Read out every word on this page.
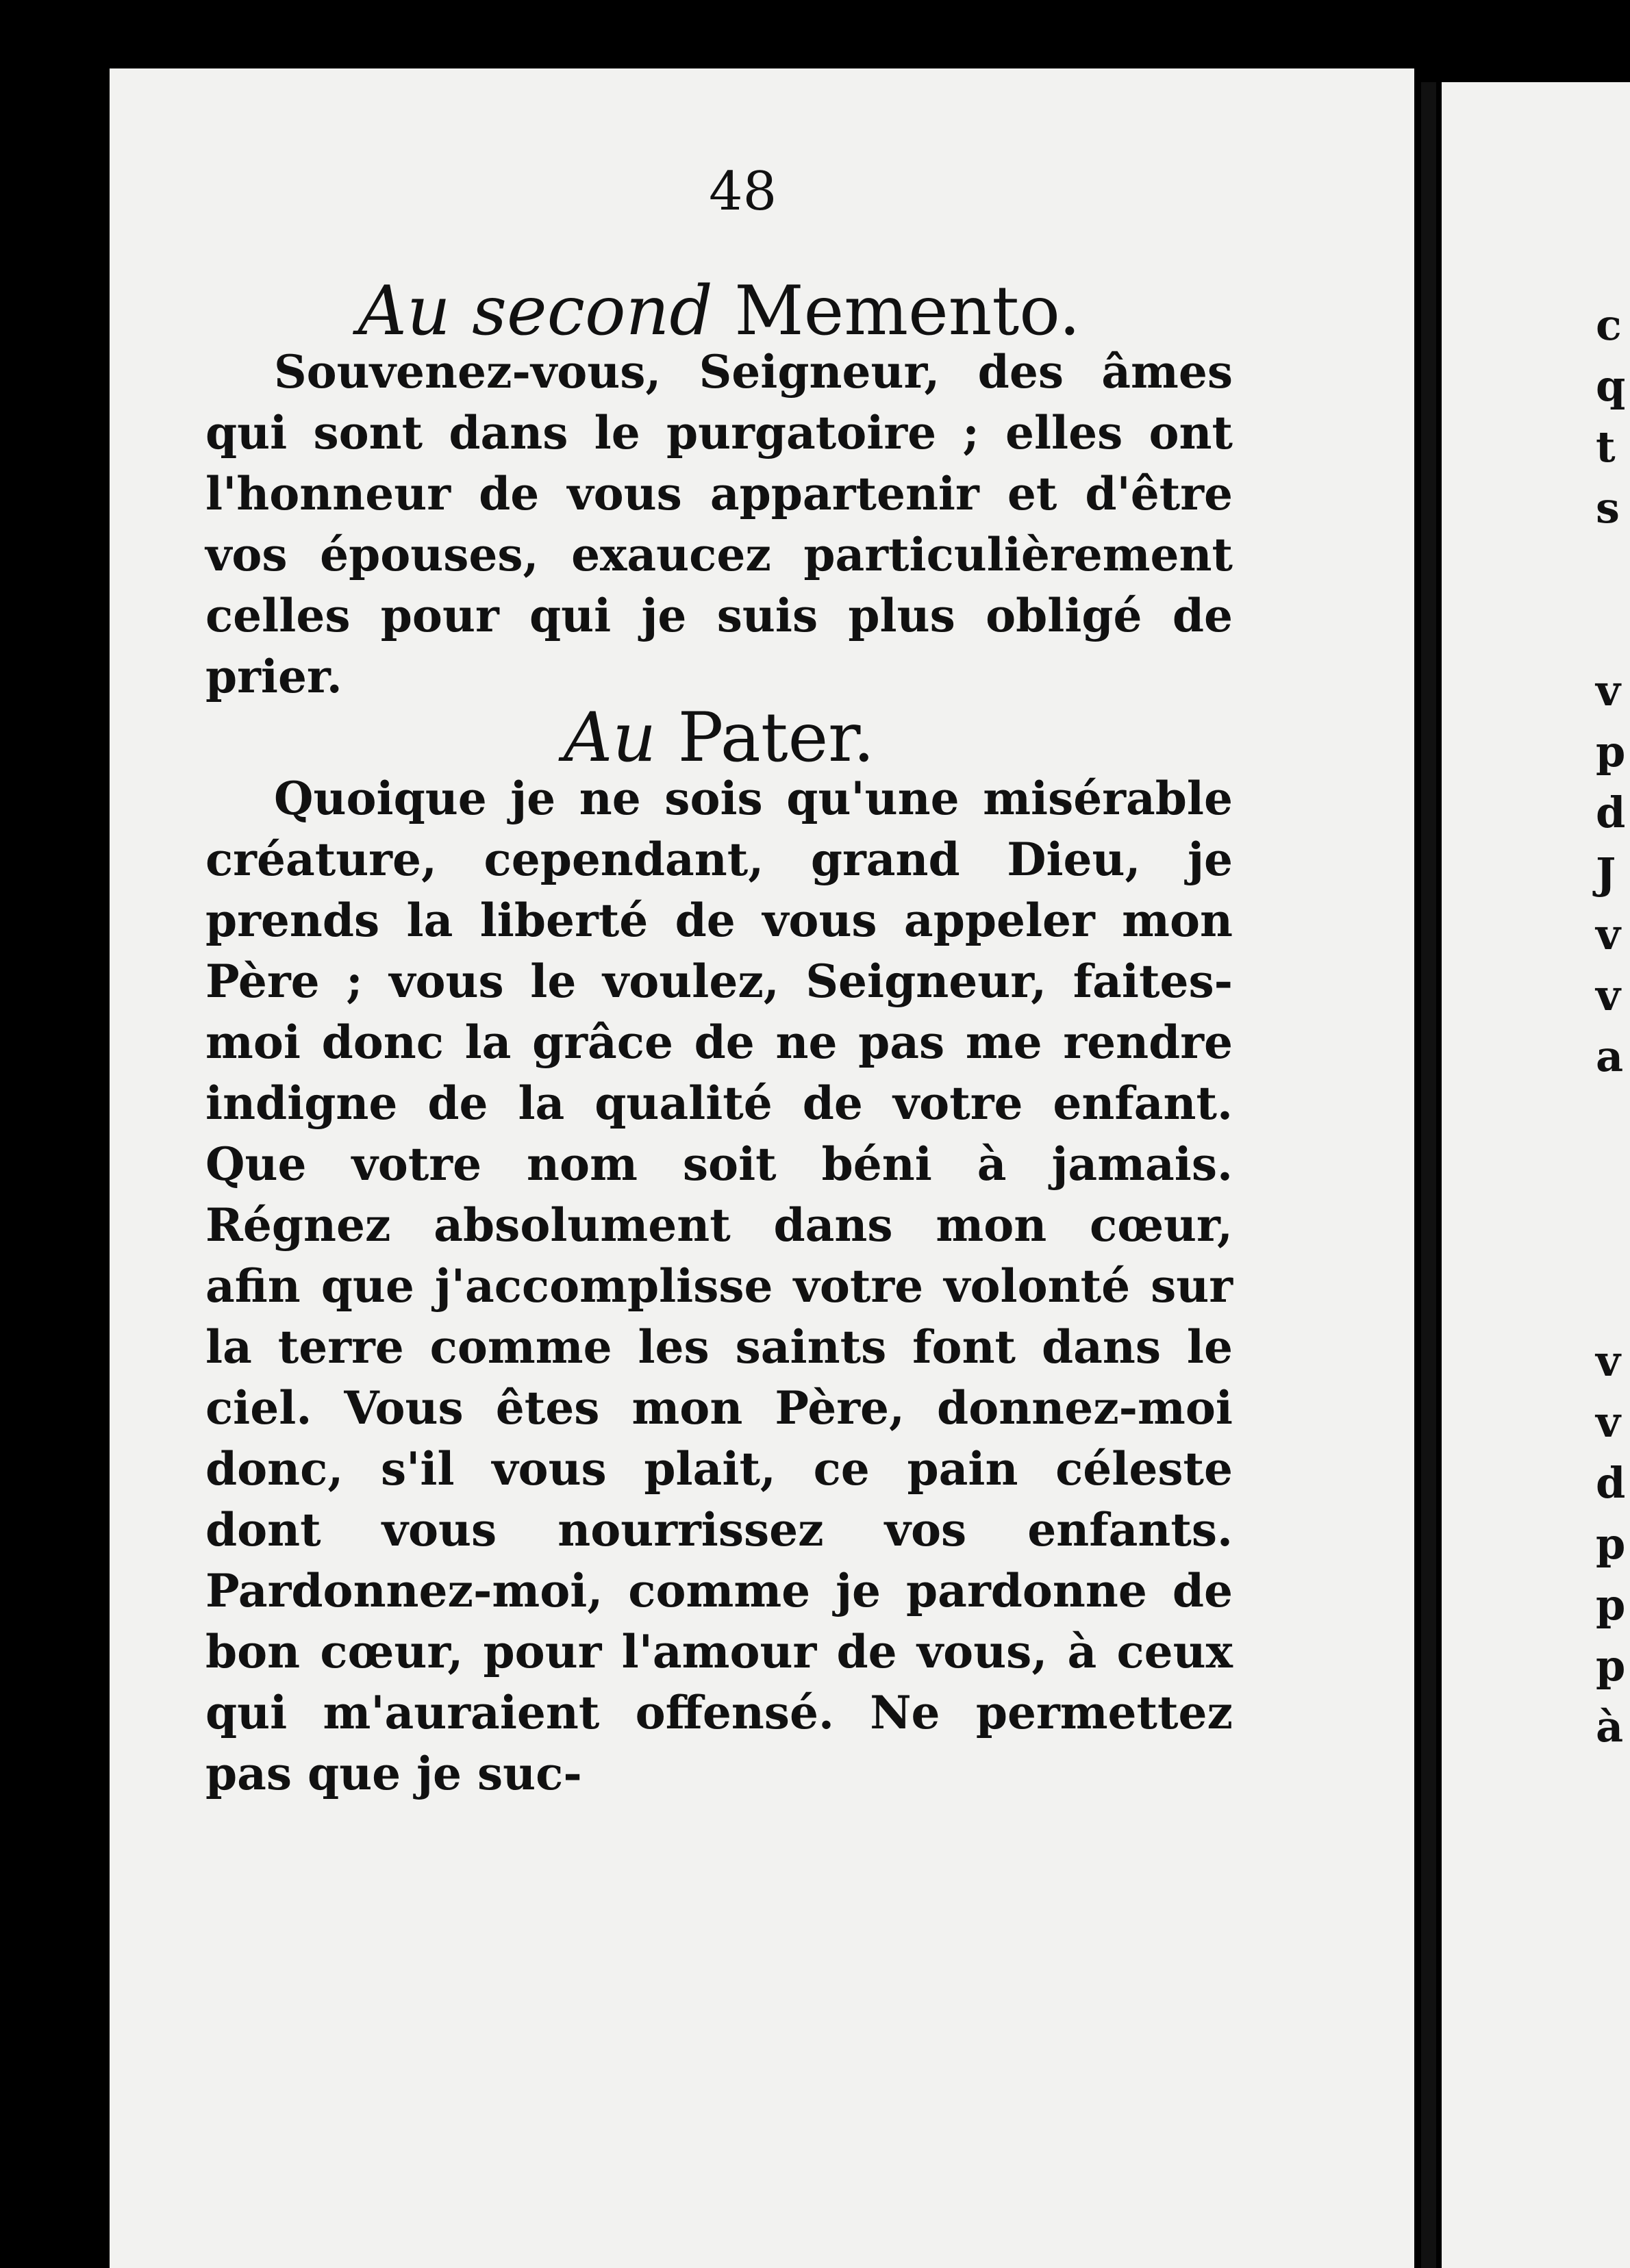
48
Au second Memento.

Souvenez-vous, Seigneur, des âmes qui sont dans le purgatoire ; elles ont l'honneur de vous appartenir et d'être vos épouses, exaucez particulièrement celles pour qui je suis plus obligé de prier.

Au Pater.

Quoique je ne sois qu'une misérable créature, cependant, grand Dieu, je prends la liberté de vous appeler mon Père ; vous le voulez, Seigneur, faites-moi donc la grâce de ne pas me rendre indigne de la qualité de votre enfant. Que votre nom soit béni à jamais. Régnez absolument dans mon cœur, afin que j'accomplisse votre volonté sur la terre comme les saints font dans le ciel. Vous êtes mon Père, donnez-moi donc, s'il vous plait, ce pain céleste dont vous nourrissez vos enfants. Pardonnez-moi, comme je pardonne de bon cœur, pour l'amour de vous, à ceux qui m'auraient offensé. Ne permettez pas que je suc-

c
q
t
s

v
p
d
J
v
v
a

v
v
d
p
p
p
à
